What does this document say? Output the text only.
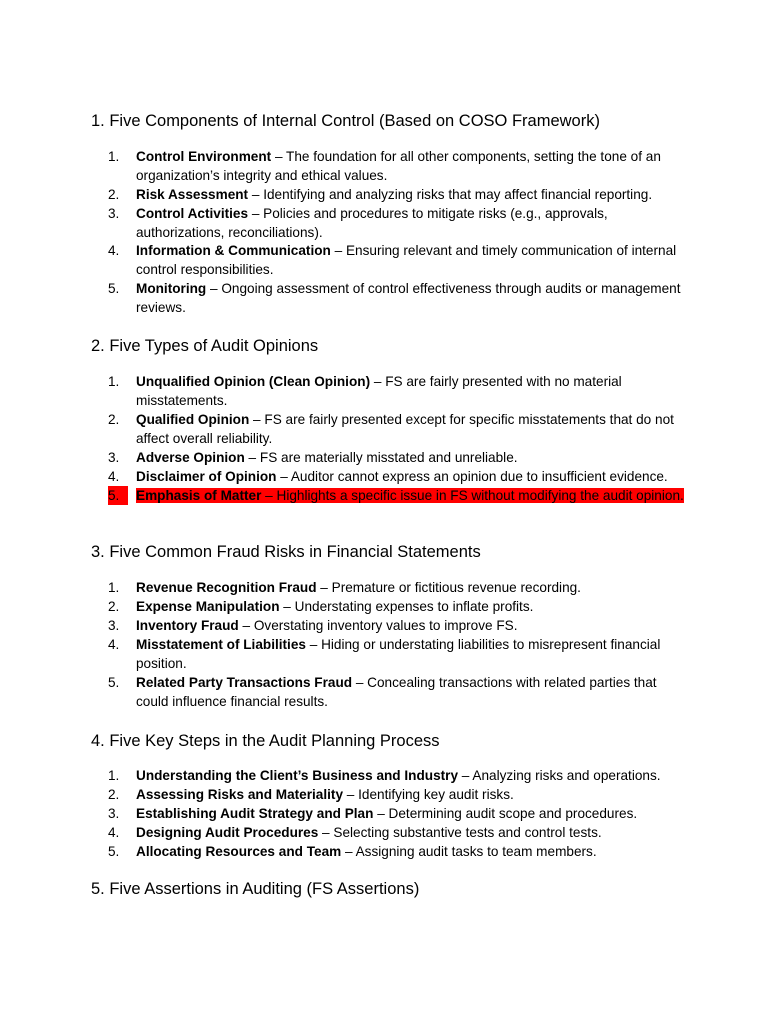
1. Five Components of Internal Control (Based on COSO Framework)
1.	Control Environment – The foundation for all other components, setting the tone of an organization’s integrity and ethical values.
2.	Risk Assessment – Identifying and analyzing risks that may affect financial reporting.
3.	Control Activities – Policies and procedures to mitigate risks (e.g., approvals, authorizations, reconciliations).
4.	Information & Communication – Ensuring relevant and timely communication of internal control responsibilities.
5.	Monitoring – Ongoing assessment of control effectiveness through audits or management reviews.
2. Five Types of Audit Opinions
1.	Unqualified Opinion (Clean Opinion) – FS are fairly presented with no material misstatements.
2.	Qualified Opinion – FS are fairly presented except for specific misstatements that do not affect overall reliability.
3.	Adverse Opinion – FS are materially misstated and unreliable.
4.	Disclaimer of Opinion – Auditor cannot express an opinion due to insufficient evidence.
5.	Emphasis of Matter – Highlights a specific issue in FS without modifying the audit opinion.
3. Five Common Fraud Risks in Financial Statements
1.	Revenue Recognition Fraud – Premature or fictitious revenue recording.
2.	Expense Manipulation – Understating expenses to inflate profits.
3.	Inventory Fraud – Overstating inventory values to improve FS.
4.	Misstatement of Liabilities – Hiding or understating liabilities to misrepresent financial position.
5.	Related Party Transactions Fraud – Concealing transactions with related parties that could influence financial results.
4. Five Key Steps in the Audit Planning Process
1.	Understanding the Client’s Business and Industry – Analyzing risks and operations.
2.	Assessing Risks and Materiality – Identifying key audit risks.
3.	Establishing Audit Strategy and Plan – Determining audit scope and procedures.
4.	Designing Audit Procedures – Selecting substantive tests and control tests.
5.	Allocating Resources and Team – Assigning audit tasks to team members.
5. Five Assertions in Auditing (FS Assertions)
